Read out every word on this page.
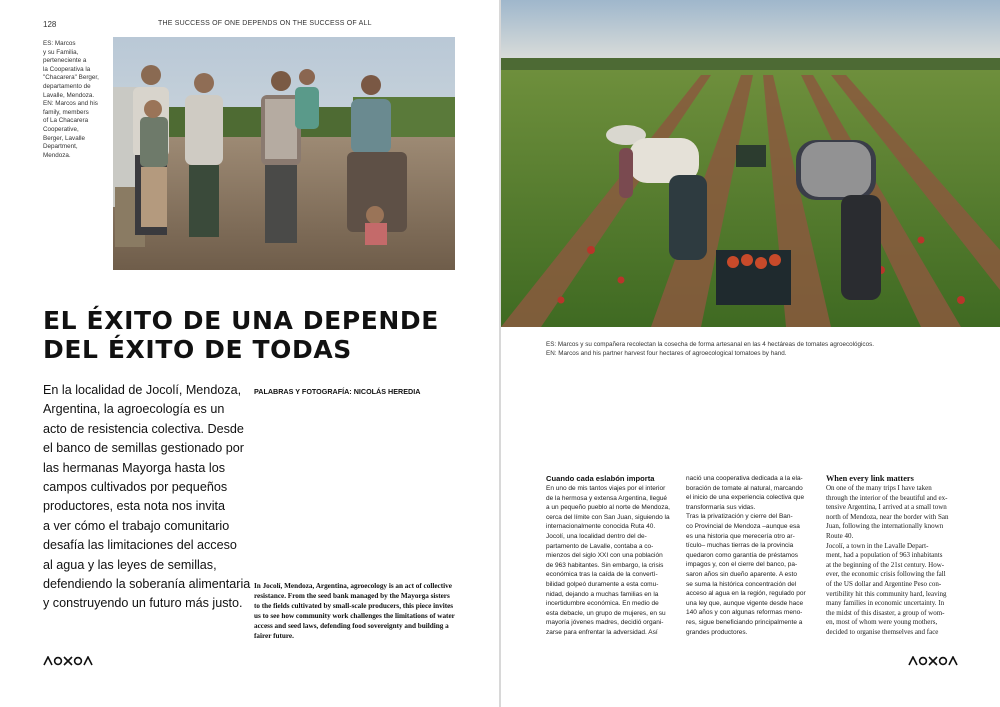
128	THE SUCCESS OF ONE DEPENDS ON THE SUCCESS OF ALL
ES: Marcos
y su Familia,
perteneciente a
la Cooperativa la
"Chacarera" Berger,
departamento de
Lavalle, Mendoza.
EN: Marcos and his
family, members
of La Chacarera
Cooperative,
Berger, Lavalle
Department,
Mendoza.
EL ÉXITO DE UNA DEPENDE
DEL ÉXITO DE TODAS
En la localidad de Jocolí, Mendoza,
Argentina, la agroecología es un
acto de resistencia colectiva. Desde
el banco de semillas gestionado por
las hermanas Mayorga hasta los
campos cultivados por pequeños
productores, esta nota nos invita
a ver cómo el trabajo comunitario
desafía las limitaciones del acceso
al agua y las leyes de semillas,
defendiendo la soberanía alimentaria
y construyendo un futuro más justo.
PALABRAS Y FOTOGRAFÍA: NICOLÁS HEREDIA
In Jocolí, Mendoza, Argentina, agroecology is an act of collective
resistance. From the seed bank managed by the Mayorga sisters
to the fields cultivated by small-scale producers, this piece invites
us to see how community work challenges the limitations of water
access and seed laws, defending food sovereignty and building a
fairer future.
ES: Marcos y su compañera recolectan la cosecha de forma artesanal en las 4 hectáreas de tomates agroecológicos.
EN: Marcos and his partner harvest four hectares of agroecological tomatoes by hand.
Cuando cada eslabón importa
En uno de mis tantos viajes por el interior
de la hermosa y extensa Argentina, llegué
a un pequeño pueblo al norte de Mendoza,
cerca del límite con San Juan, siguiendo la
internacionalmente conocida Ruta 40.
Jocolí, una localidad dentro del de-
partamento de Lavalle, contaba a co-
mienzos del siglo XXI con una población
de 963 habitantes. Sin embargo, la crisis
económica tras la caída de la convertì-
bilidad golpeó duramente a esta comu-
nidad, dejando a muchas familias en la
incertidumbre económica. En medio de
esta debacle, un grupo de mujeres, en su
mayoría jóvenes madres, decidió organi-
zarse para enfrentar la adversidad. Así
nació una cooperativa dedicada a la ela-
boración de tomate al natural, marcando
el inicio de una experiencia colectiva que
transformaría sus vidas.
Tras la privatización y cierre del Ban-
co Provincial de Mendoza –aunque esa
es una historia que merecería otro ar-
tículo– muchas tierras de la provincia
quedaron como garantía de préstamos
impagos y, con el cierre del banco, pa-
saron años sin dueño aparente. A esto
se suma la histórica concentración del
acceso al agua en la región, regulado por
una ley que, aunque vigente desde hace
140 años y con algunas reformas meno-
res, sigue beneficiando principalmente a
grandes productores.
When every link matters
On one of the many trips I have taken
through the interior of the beautiful and ex-
tensive Argentina, I arrived at a small town
north of Mendoza, near the border with San
Juan, following the internationally known
Route 40.
Jocolí, a town in the Lavalle Depart-
ment, had a population of 963 inhabitants
at the beginning of the 21st century. How-
ever, the economic crisis following the fall
of the US dollar and Argentine Peso con-
vertibility hit this community hard, leaving
many families in economic uncertainty. In
the midst of this disaster, a group of wom-
en, most of whom were young mothers,
decided to organise themselves and face
